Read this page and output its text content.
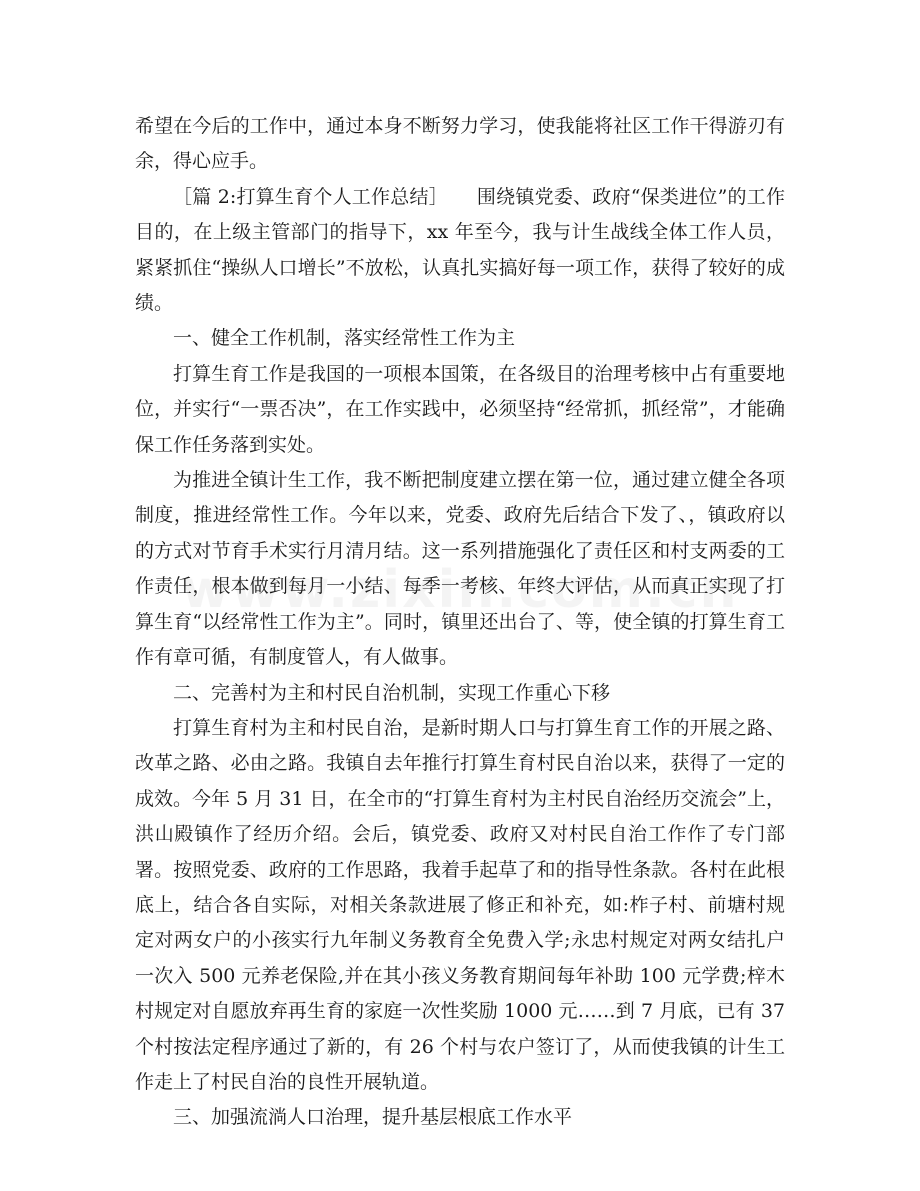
希望在今后的工作中，通过本身不断努力学习，使我能将社区工作干得游刃有余，得心应手。

［篇 2:打算生育个人工作总结］　　围绕镇党委、政府“保类进位”的工作目的，在上级主管部门的指导下，xx 年至今，我与计生战线全体工作人员，紧紧抓住“操纵人口增长”不放松，认真扎实搞好每一项工作，获得了较好的成绩。

一、健全工作机制，落实经常性工作为主

打算生育工作是我国的一项根本国策，在各级目的治理考核中占有重要地位，并实行“一票否决”，在工作实践中，必须坚持“经常抓，抓经常”，才能确保工作任务落到实处。

为推进全镇计生工作，我不断把制度建立摆在第一位，通过建立健全各项制度，推进经常性工作。今年以来，党委、政府先后结合下发了、，镇政府以的方式对节育手术实行月清月结。这一系列措施强化了责任区和村支两委的工作责任，根本做到每月一小结、每季一考核、年终大评估，从而真正实现了打算生育“以经常性工作为主”。同时，镇里还出台了、等，使全镇的打算生育工作有章可循，有制度管人，有人做事。

二、完善村为主和村民自治机制，实现工作重心下移

打算生育村为主和村民自治，是新时期人口与打算生育工作的开展之路、改革之路、必由之路。我镇自去年推行打算生育村民自治以来，获得了一定的成效。今年 5 月 31 日，在全市的“打算生育村为主村民自治经历交流会”上，洪山殿镇作了经历介绍。会后，镇党委、政府又对村民自治工作作了专门部署。按照党委、政府的工作思路，我着手起草了和的指导性条款。各村在此根底上，结合各自实际，对相关条款进展了修正和补充，如:柞子村、前塘村规定对两女户的小孩实行九年制义务教育全免费入学;永忠村规定对两女结扎户一次入 500 元养老保险,并在其小孩义务教育期间每年补助 100 元学费;梓木村规定对自愿放弃再生育的家庭一次性奖励 1000 元……到 7 月底，已有 37 个村按法定程序通过了新的，有 26 个村与农户签订了，从而使我镇的计生工作走上了村民自治的良性开展轨道。

三、加强流淌人口治理，提升基层根底工作水平
